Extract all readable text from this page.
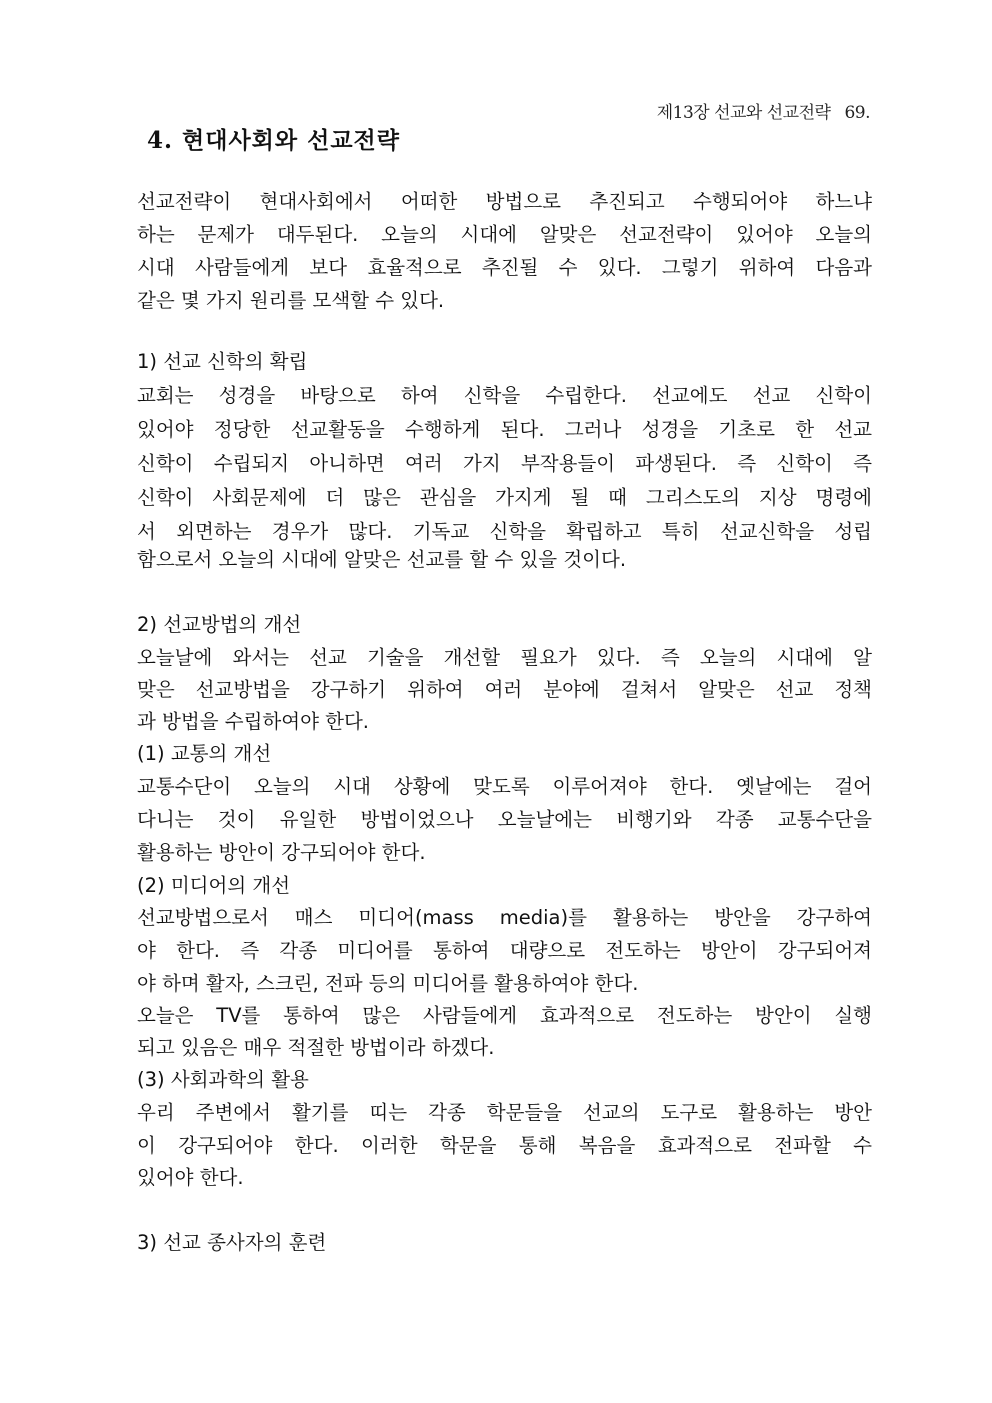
제13장 선교와 선교전략 69.
4. 현대사회와 선교전략
선교전략이 현대사회에서 어떠한 방법으로 추진되고 수행되어야 하느냐
하는 문제가 대두된다. 오늘의 시대에 알맞은 선교전략이 있어야 오늘의
시대 사람들에게 보다 효율적으로 추진될 수 있다. 그렇기 위하여 다음과
같은 몇 가지 원리를 모색할 수 있다.
1) 선교 신학의 확립
교회는 성경을 바탕으로 하여 신학을 수립한다. 선교에도 선교 신학이
있어야 정당한 선교활동을 수행하게 된다. 그러나 성경을 기초로 한 선교
신학이 수립되지 아니하면 여러 가지 부작용들이 파생된다. 즉 신학이 즉
신학이 사회문제에 더 많은 관심을 가지게 될 때 그리스도의 지상 명령에
서 외면하는 경우가 많다. 기독교 신학을 확립하고 특히 선교신학을 성립
함으로서 오늘의 시대에 알맞은 선교를 할 수 있을 것이다.
2) 선교방법의 개선
오늘날에 와서는 선교 기술을 개선할 필요가 있다. 즉 오늘의 시대에 알
맞은 선교방법을 강구하기 위하여 여러 분야에 걸쳐서 알맞은 선교 정책
과 방법을 수립하여야 한다.
(1) 교통의 개선
교통수단이 오늘의 시대 상황에 맞도록 이루어져야 한다. 옛날에는 걸어
다니는 것이 유일한 방법이었으나 오늘날에는 비행기와 각종 교통수단을
활용하는 방안이 강구되어야 한다.
(2) 미디어의 개선
선교방법으로서 매스 미디어(mass media)를 활용하는 방안을 강구하여
야 한다. 즉 각종 미디어를 통하여 대량으로 전도하는 방안이 강구되어져
야 하며 활자, 스크린, 전파 등의 미디어를 활용하여야 한다.
오늘은 TV를 통하여 많은 사람들에게 효과적으로 전도하는 방안이 실행
되고 있음은 매우 적절한 방법이라 하겠다.
(3) 사회과학의 활용
우리 주변에서 활기를 띠는 각종 학문들을 선교의 도구로 활용하는 방안
이 강구되어야 한다. 이러한 학문을 통해 복음을 효과적으로 전파할 수
있어야 한다.
3) 선교 종사자의 훈련
